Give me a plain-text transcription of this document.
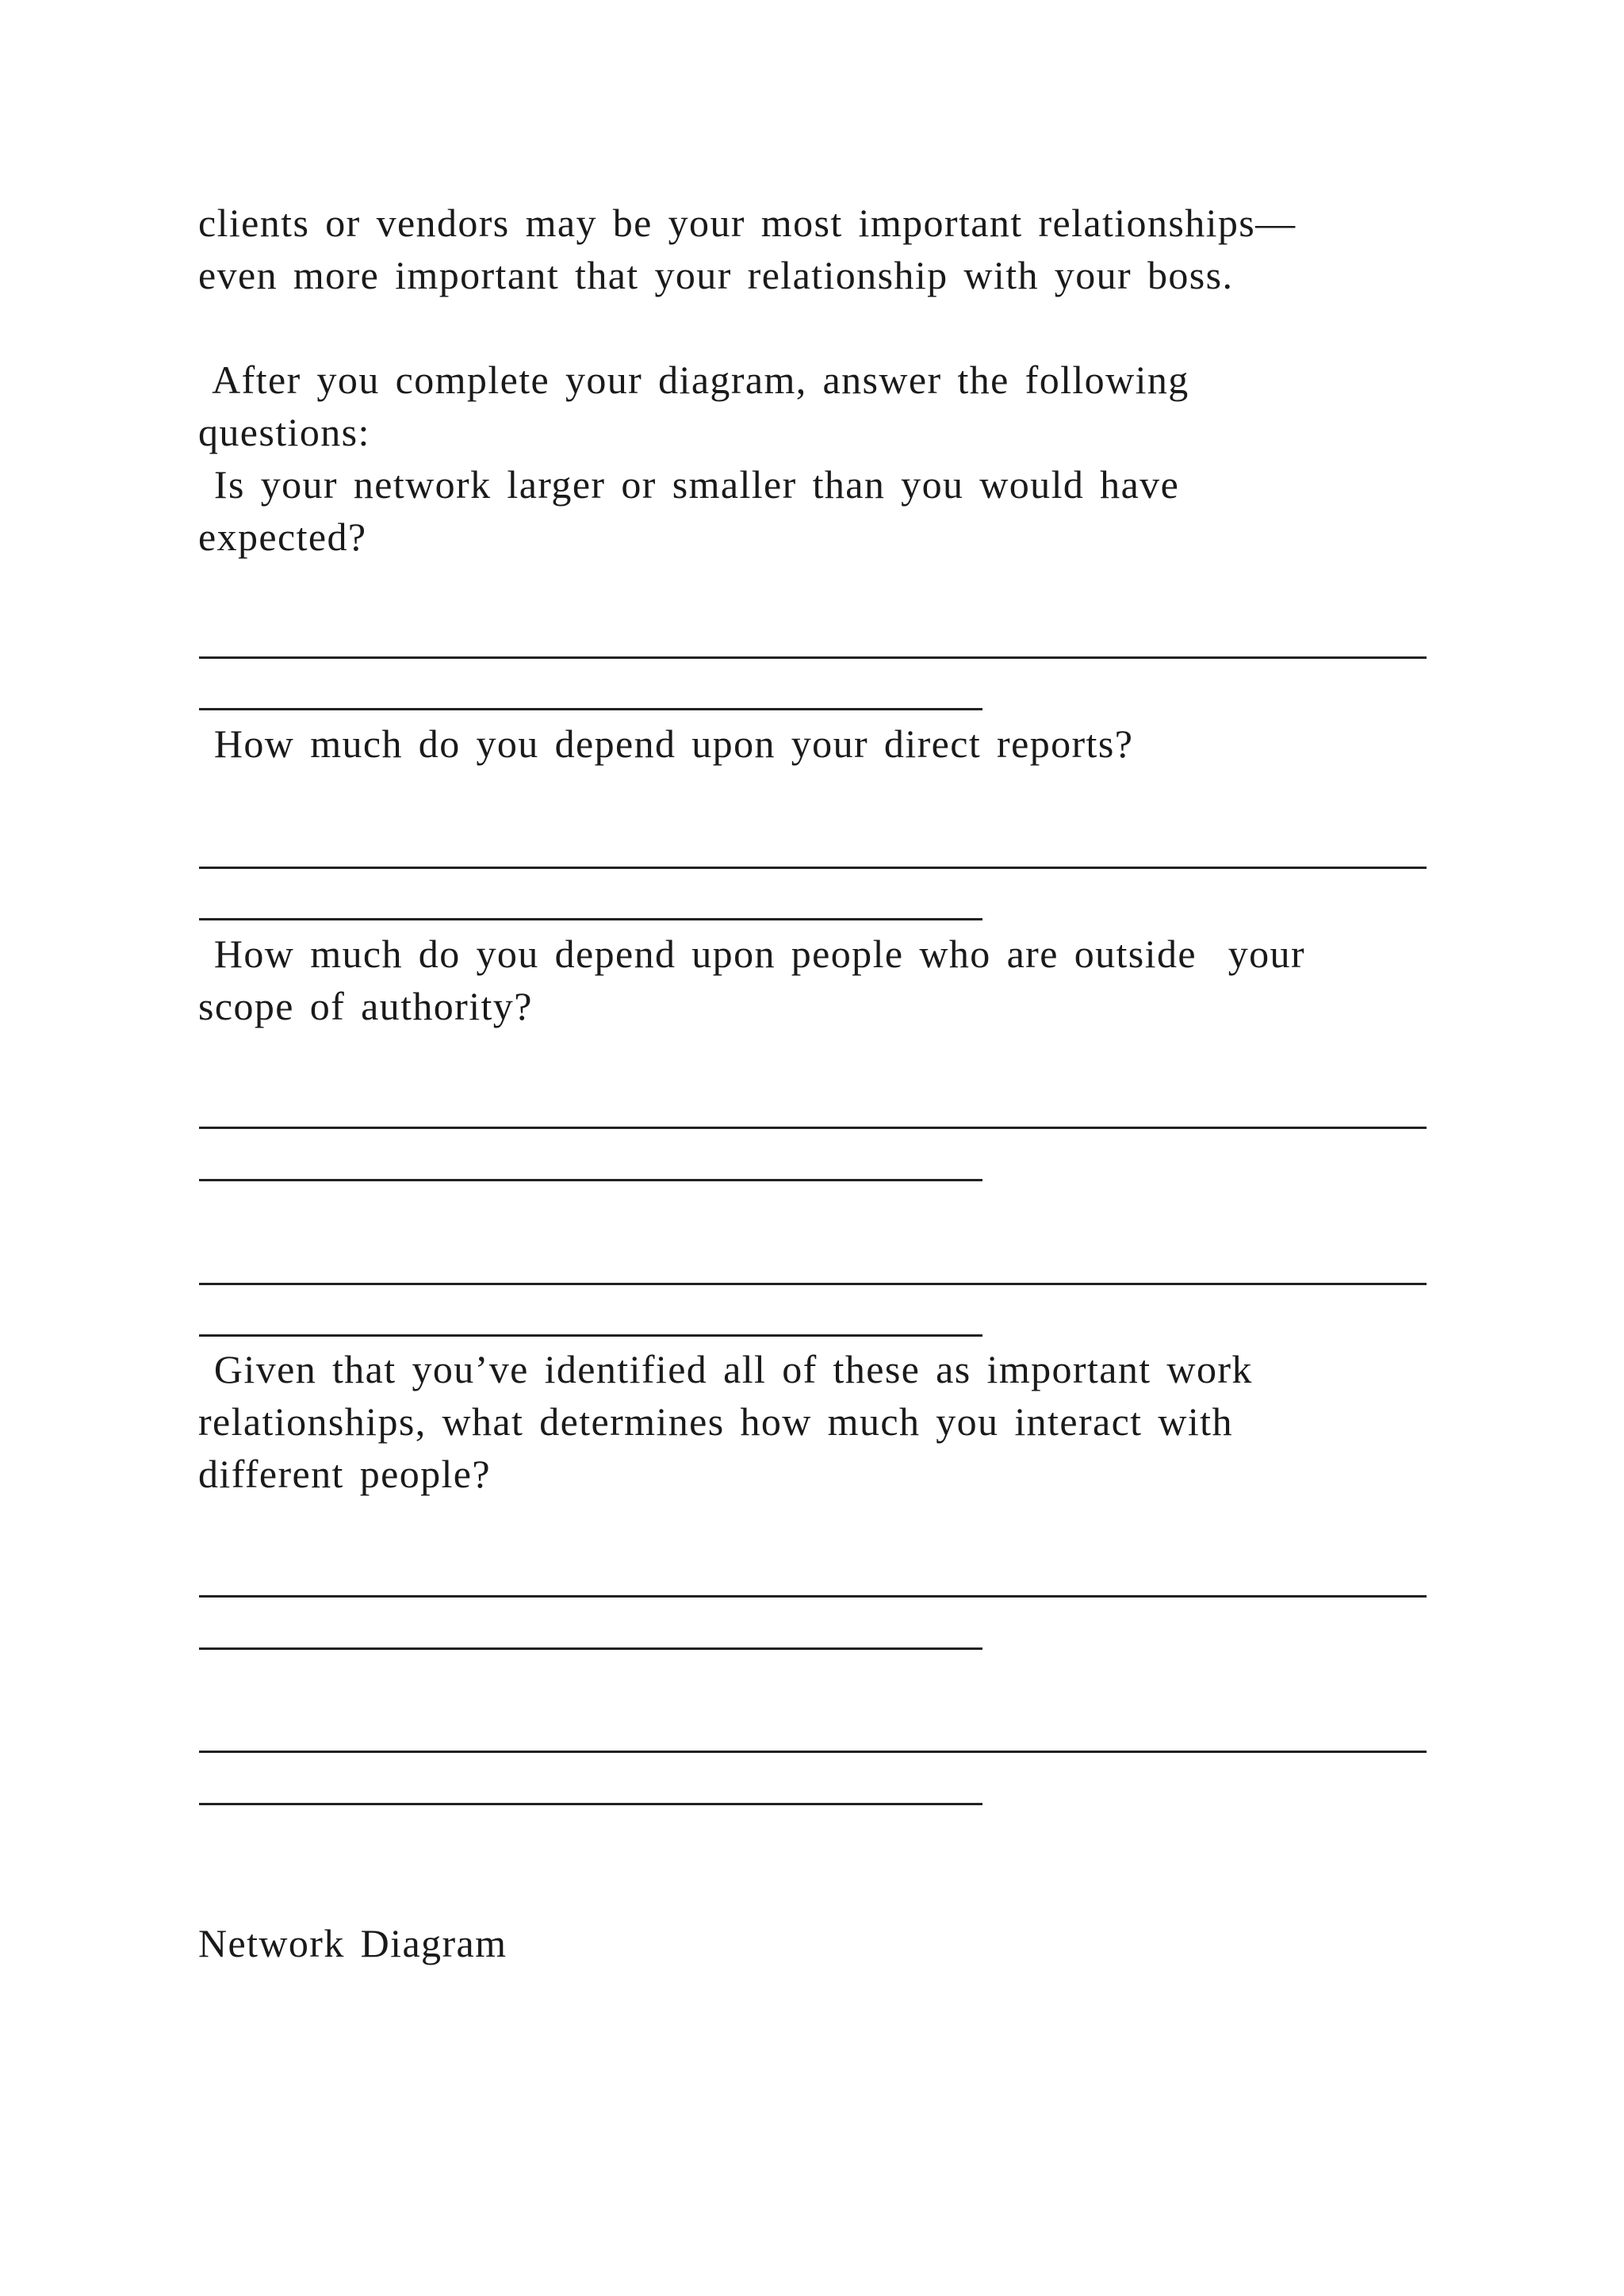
clients or vendors may be your most important relationships—
even more important that your relationship with your boss.
After you complete your diagram, answer the following
questions:
Is your network larger or smaller than you would have
expected?
How much do you depend upon your direct reports?
How much do you depend upon people who are outside  your
scope of authority?
Given that you’ve identified all of these as important work
relationships, what determines how much you interact with
different people?
Network Diagram
